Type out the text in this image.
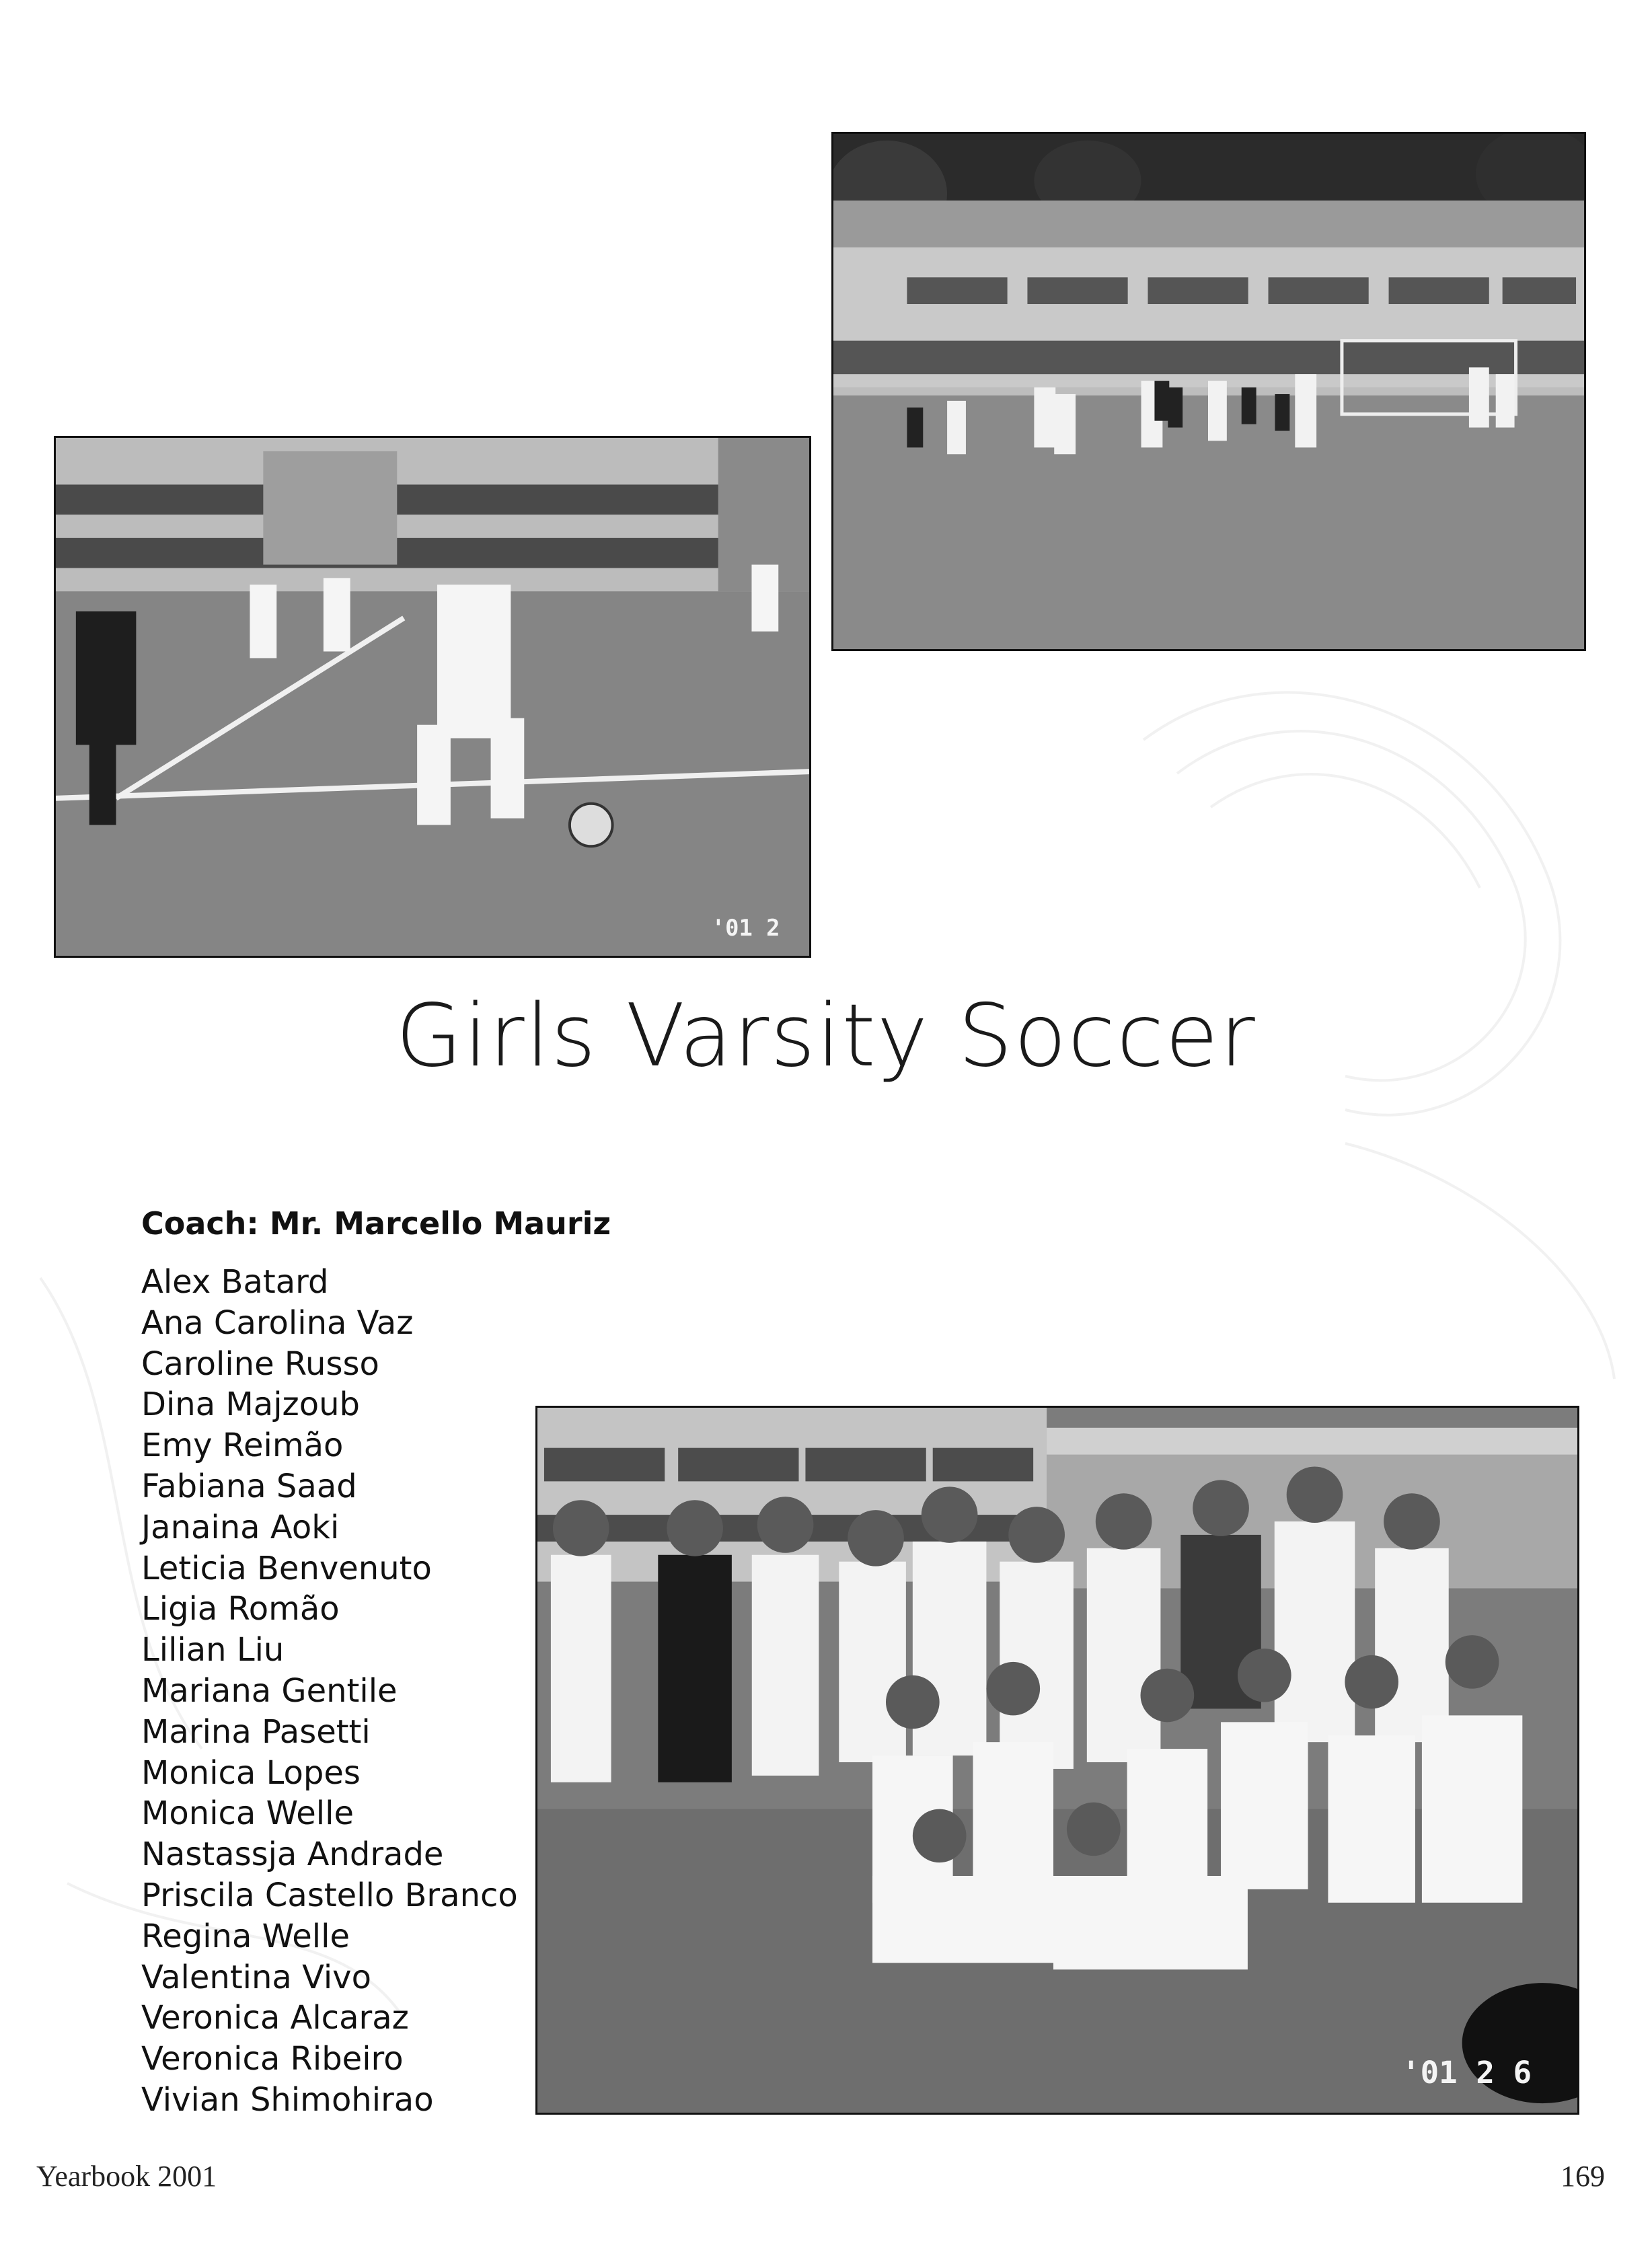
'01 2
Girls Varsity Soccer
Coach: Mr. Marcello Mauriz
Alex Batard
Ana Carolina Vaz
Caroline Russo
Dina Majzoub
Emy Reimão
Fabiana Saad
Janaina Aoki
Leticia Benvenuto
Ligia Romão
Lilian Liu
Mariana Gentile
Marina Pasetti
Monica Lopes
Monica Welle
Nastassja Andrade
Priscila Castello Branco
Regina Welle
Valentina Vivo
Veronica Alcaraz
Veronica Ribeiro
Vivian Shimohirao
'01 2 6
Yearbook 2001	169
